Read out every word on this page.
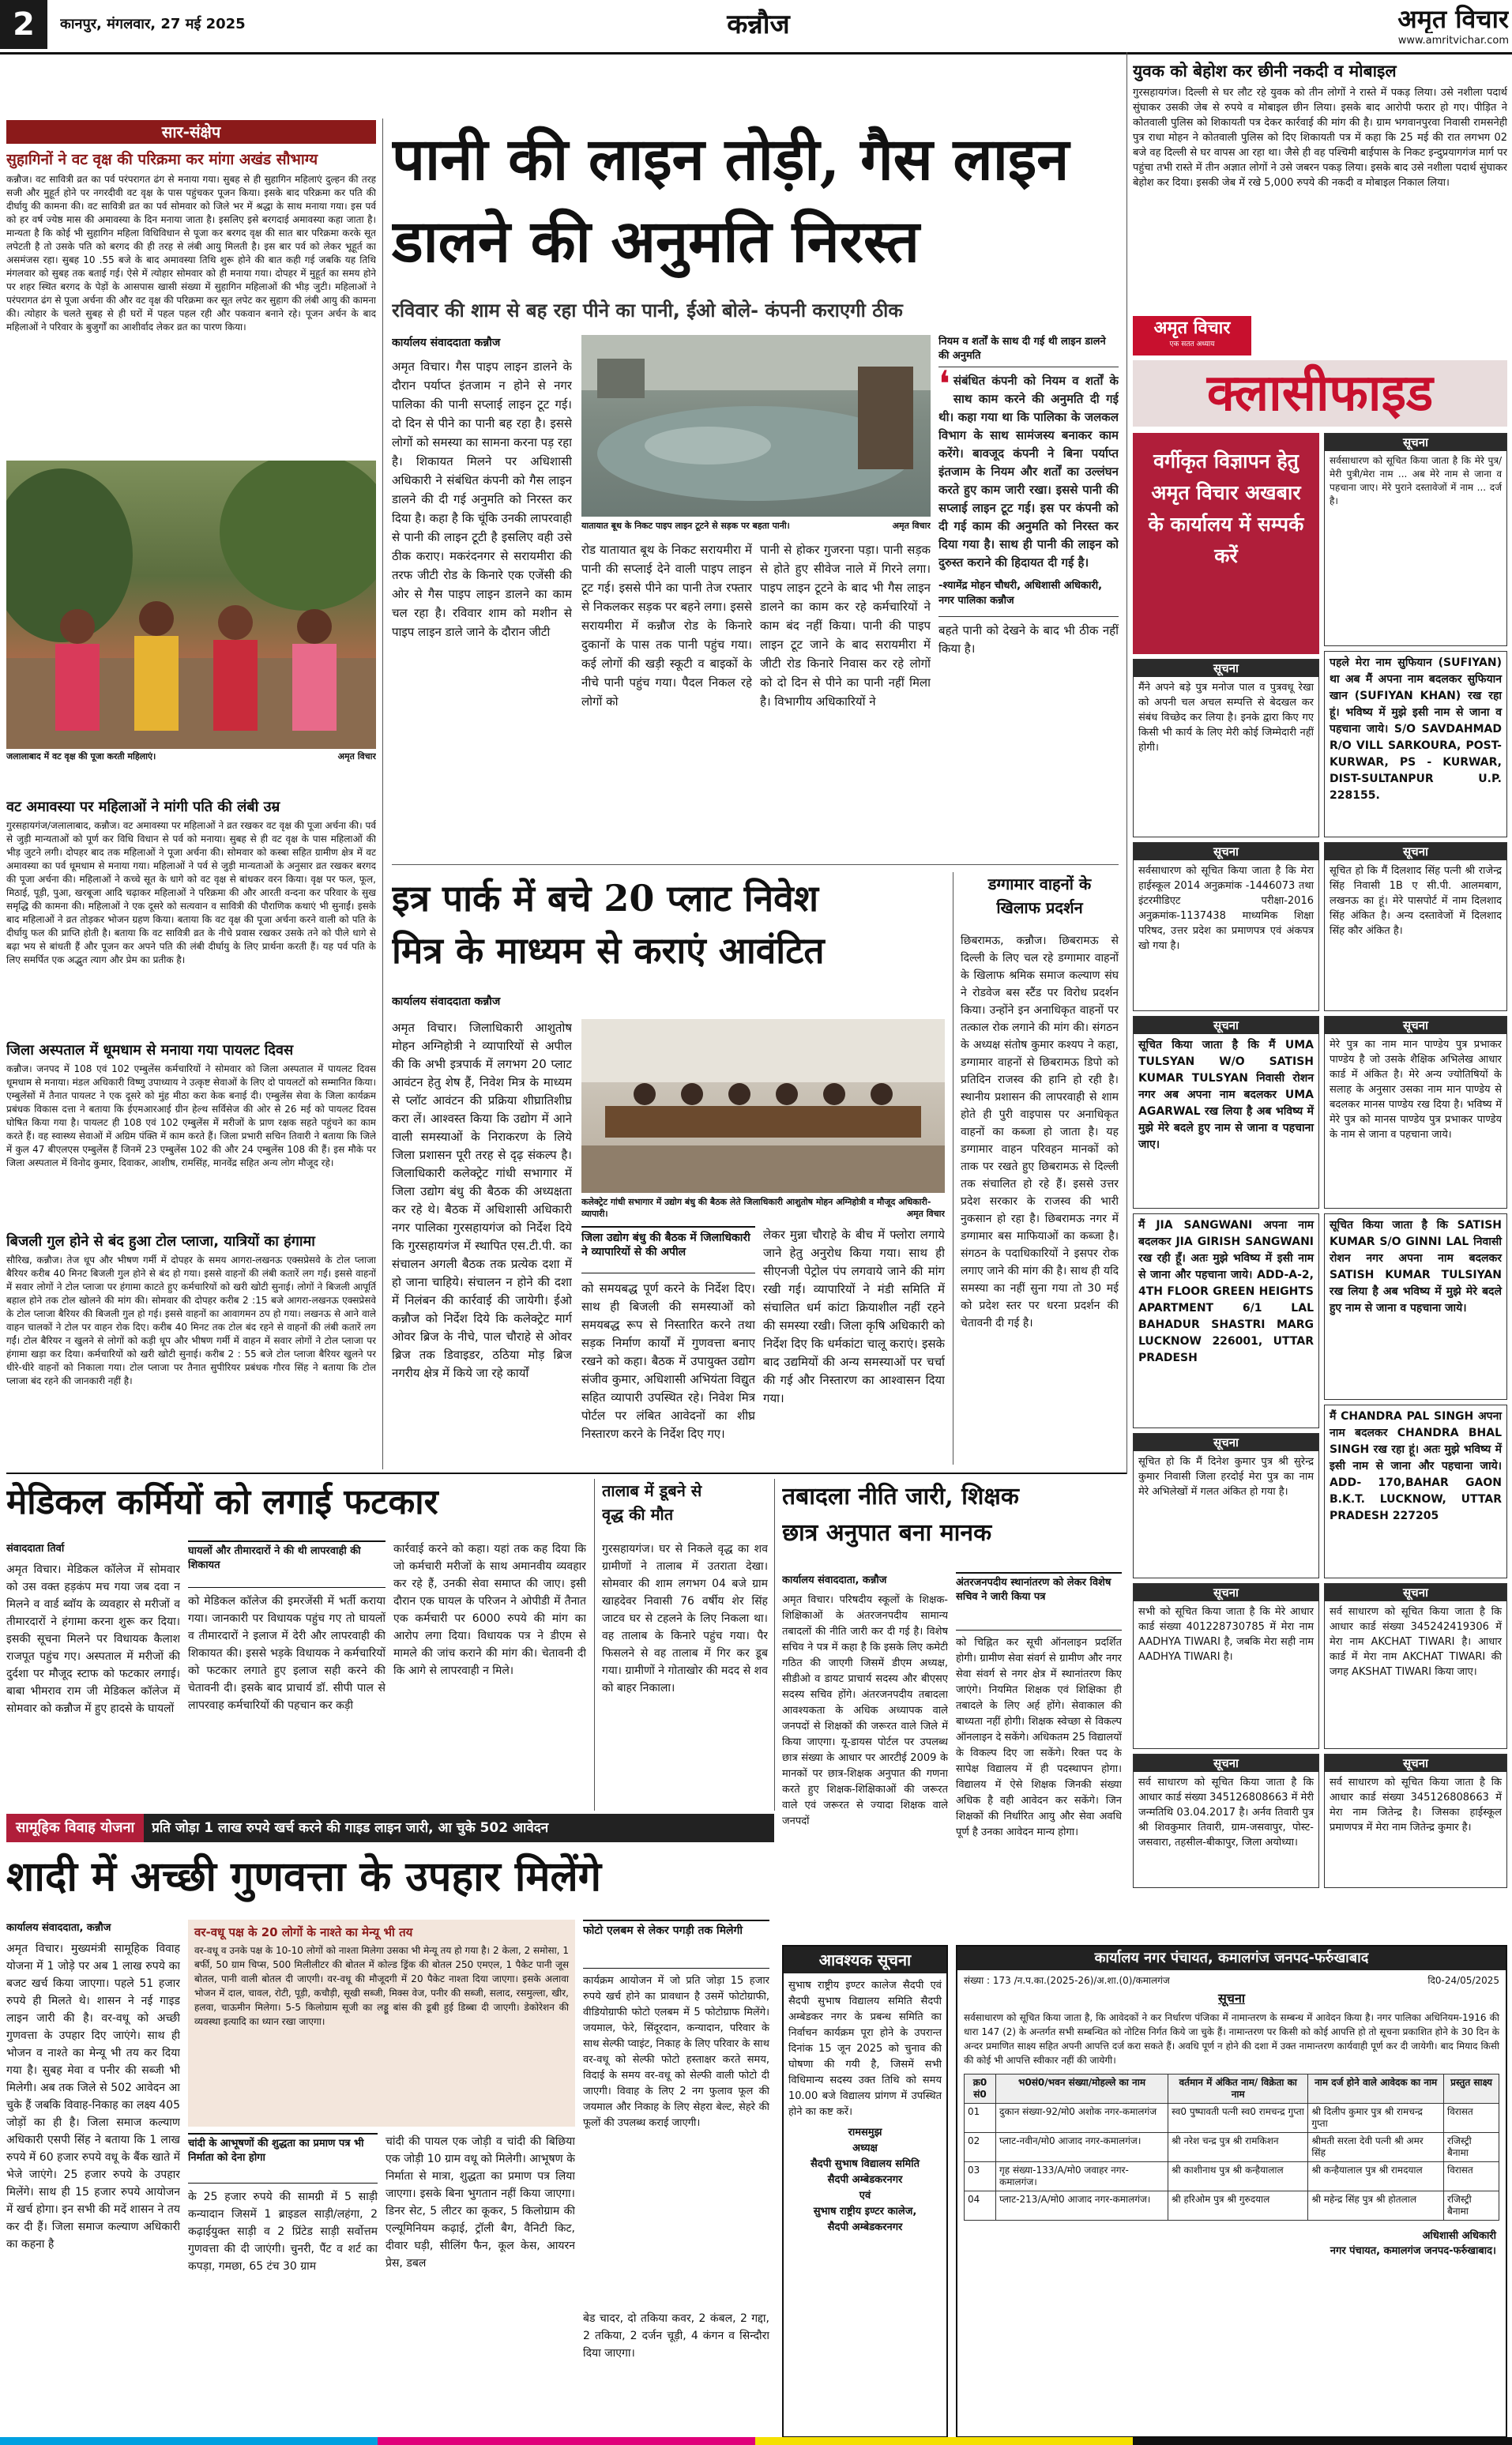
2	कानपुर, मंगलवार, 27 मई 2025	कन्नौज	अमृत विचार
www.amritvichar.com
सार-संक्षेप
सुहागिनों ने वट वृक्ष की परिक्रमा कर मांगा अखंड सौभाग्य
कन्नौज। वट सावित्री व्रत का पर्व परंपरागत ढंग से मनाया गया। सुबह से ही सुहागिन महिलाएं दुल्हन की तरह सजी और मुहूर्त होने पर नगरदीवी वट वृक्ष के पास पहुंचकर पूजन किया। इसके बाद परिक्रमा कर पति की दीर्घायु की कामना की। वट सावित्री व्रत का पर्व सोमवार को जिले भर में श्रद्धा के साथ मनाया गया। इस पर्व को हर वर्ष ज्येष्ठ मास की अमावस्या के दिन मनाया जाता है। इसलिए इसे बरगदाई अमावस्या कहा जाता है। मान्यता है कि कोई भी सुहागिन महिला विधिविधान से पूजा कर बरगद वृक्ष की सात बार परिक्रमा करके सूत लपेटती है तो उसके पति को बरगद की ही तरह से लंबी आयु मिलती है। इस बार पर्व को लेकर भूहूर्त का असमंजस रहा। सुबह 10 .55 बजे के बाद अमावस्या तिथि शुरू होने की बात कही गई जबकि यह तिथि मंगलवार को सुबह तक बताई गई। ऐसे में त्योहार सोमवार को ही मनाया गया। दोपहर में मुहूर्त का समय होने पर शहर स्थित बरगद के पेड़ों के आसपास खासी संख्या में सुहागिन महिलाओं की भीड़ जुटी। महिलाओं ने परंपरागत ढंग से पूजा अर्चना की और वट वृक्ष की परिक्रमा कर सूत लपेट कर सुहाग की लंबी आयु की कामना की। त्योहार के चलते सुबह से ही घरों में पहल पहल रही और पकवान बनाने रहे। पूजन अर्चन के बाद महिलाओं ने परिवार के बुजुर्गों का आशीर्वाद लेकर व्रत का पारण किया।
जलालाबाद में वट वृक्ष की पूजा करती महिलाएं।	अमृत विचार
वट अमावस्या पर महिलाओं ने मांगी पति की लंबी उम्र
गुरसहायगंज/जलालाबाद, कन्नौज। वट अमावस्या पर महिलाओं ने व्रत रखकर वट वृक्ष की पूजा अर्चना की। पर्व से जुड़ी मान्यताओं को पूर्ण कर विधि विधान से पर्व को मनाया। सुबह से ही वट वृक्ष के पास महिलाओं की भीड़ जुटने लगी। दोपहर बाद तक महिलाओं ने पूजा अर्चना की। सोमवार को कस्बा सहित ग्रामीण क्षेत्र में वट अमावस्या का पर्व धूमधाम से मनाया गया। महिलाओं ने पर्व से जुड़ी मान्यताओं के अनुसार व्रत रखकर बरगद की पूजा अर्चना की। महिलाओं ने कच्चे सूत के धागे को वट वृक्ष से बांधकर वरन किया। वृक्ष पर फल, फूल, मिठाई, पूड़ी, पुआ, खरबूजा आदि चढ़ाकर महिलाओं ने परिक्रमा की और आरती वन्दना कर परिवार के सुख समृद्धि की कामना की। महिलाओं ने एक दूसरे को सत्यवान व सावित्री की पौराणिक कथाएं भी सुनाईं। इसके बाद महिलाओं ने व्रत तोड़कर भोजन ग्रहण किया। बताया कि वट वृक्ष की पूजा अर्चना करने वाली को पति के दीर्घायु फल की प्राप्ति होती है। बताया कि वट सावित्री व्रत के नीचे प्रवास रखकर उसके तने को पीले धागे से बढ़ा भय से बांधती हैं और पूजन कर अपने पति की लंबी दीर्घायु के लिए प्रार्थना करती हैं। यह पर्व पति के लिए समर्पित एक अद्भुत त्याग और प्रेम का प्रतीक है।
जिला अस्पताल में धूमधाम से मनाया गया पायलट दिवस
कन्नौज। जनपद में 108 एवं 102 एम्बुलेंस कर्मचारियों ने सोमवार को जिला अस्पताल में पायलट दिवस धूमधाम से मनाया। मंडल अधिकारी विष्णु उपाध्याय ने उत्कृष्ट सेवाओं के लिए दो पायलटों को सम्मानित किया। एम्बुलेंसों में तैनात पायलट ने एक दूसरे को मुंह मीठा करा केक बनाई दी। एम्बुलेंस सेवा के जिला कार्यक्रम प्रबंधक विकास दत्ता ने बताया कि ईएमआरआई ग्रीन हेल्थ सर्विसेज की ओर से 26 मई को पायलट दिवस घोषित किया गया है। पायलट ही 108 एवं 102 एम्बुलेंस में मरीजों के प्राण रक्षक सहते पहुंचने का काम करते हैं। वह स्वास्थ्य सेवाओं में अग्रिम पंक्ति में काम करते हैं। जिला प्रभारी सचिन तिवारी ने बताया कि जिले में कुल 47 बीएलएस एम्बुलेंस हैं जिनमें 23 एम्बुलेंस 102 की और 24 एम्बुलेंस 108 की हैं। इस मौके पर जिला अस्पताल में विनोद कुमार, दिवाकर, आशीष, रामसिंह, मानवेंद्र सहित अन्य लोग मौजूद रहे।
बिजली गुल होने से बंद हुआ टोल प्लाजा, यात्रियों का हंगामा
सौरिख, कन्नौज। तेज धूप और भीषण गर्मी में दोपहर के समय आगरा-लखनऊ एक्सप्रेसवे के टोल प्लाजा बैरियर करीब 40 मिनट बिजली गुल होने से बंद हो गया। इससे वाहनों की लंबी कतारें लग गईं। इससे वाहनों में सवार लोगों ने टोल प्लाजा पर हंगामा काटते हुए कर्मचारियों को खरी खोटी सुनाई। लोगों ने बिजली आपूर्ति बहाल होने तक टोल खोलने की मांग की। सोमवार की दोपहर करीब 2 :15 बजे आगरा-लखनऊ एक्सप्रेसवे के टोल प्लाजा बैरियर की बिजली गुल हो गई। इससे वाहनों का आवागमन ठप हो गया। लखनऊ से आने वाले वाहन चालकों ने टोल पर वाहन रोक दिए। करीब 40 मिनट तक टोल बंद रहने से वाहनों की लंबी कतारें लग गईं। टोल बैरियर न खुलने से लोगों को कड़ी धूप और भीषण गर्मी में वाहन में सवार लोगों ने टोल प्लाजा पर हंगामा खड़ा कर दिया। कर्मचारियों को खरी खोटी सुनाई। करीब 2 : 55 बजे टोल प्लाजा बैरियर खुलने पर धीरे-धीरे वाहनों को निकाला गया। टोल प्लाजा पर तैनात सुपीरियर प्रबंधक गौरव सिंह ने बताया कि टोल प्लाजा बंद रहने की जानकारी नहीं है।
पानी की लाइन तोड़ी, गैस लाइन
डालने की अनुमति निरस्त
रविवार की शाम से बह रहा पीने का पानी, ईओ बोले- कंपनी कराएगी ठीक
कार्यालय संवाददाता कन्नौज
अमृत विचार। गैस पाइप लाइन डालने के दौरान पर्याप्त इंतजाम न होने से नगर पालिका की पानी सप्लाई लाइन टूट गई। दो दिन से पीने का पानी बह रहा है। इससे लोगों को समस्या का सामना करना पड़ रहा है। शिकायत मिलने पर अधिशासी अधिकारी ने संबंधित कंपनी को गैस लाइन डालने की दी गई अनुमति को निरस्त कर दिया है। कहा है कि चूंकि उनकी लापरवाही से पानी की लाइन टूटी है इसलिए वही उसे ठीक कराए। मकरंदनगर से सरायमीरा की तरफ जीटी रोड के किनारे एक एजेंसी की ओर से गैस पाइप लाइन डालने का काम चल रहा है। रविवार शाम को मशीन से पाइप लाइन डाले जाने के दौरान जीटी
यातायात बूथ के निकट पाइप लाइन टूटने से सड़क पर बहता पानी।	अमृत विचार
रोड यातायात बूथ के निकट सरायमीरा में पानी की सप्लाई देने वाली पाइप लाइन टूट गई। इससे पीने का पानी तेज रफ्तार से निकलकर सड़क पर बहने लगा। इससे सरायमीरा में कन्नौज रोड के किनारे दुकानों के पास तक पानी पहुंच गया। कई लोगों की खड़ी स्कूटी व बाइकों के नीचे पानी पहुंच गया। पैदल निकल रहे लोगों को
पानी से होकर गुजरना पड़ा। पानी सड़क से होते हुए सीवेज नाले में गिरने लगा। पाइप लाइन टूटने के बाद भी गैस लाइन डालने का काम कर रहे कर्मचारियों ने काम बंद नहीं किया। पानी की पाइप लाइन टूट जाने के बाद सरायमीरा में जीटी रोड किनारे निवास कर रहे लोगों को दो दिन से पीने का पानी नहीं मिला है। विभागीय अधिकारियों ने
नियम व शर्तों के साथ दी गई थी लाइन डालने की अनुमति
❛ संबंधित कंपनी को नियम व शर्तों के साथ काम करने की अनुमति दी गई थी। कहा गया था कि पालिका के जलकल विभाग के साथ सामंजस्य बनाकर काम करेंगे। बावजूद कंपनी ने बिना पर्याप्त इंतजाम के नियम और शर्तों का उल्लंघन करते हुए काम जारी रखा। इससे पानी की सप्लाई लाइन टूट गई। इस पर कंपनी को दी गई काम की अनुमति को निरस्त कर दिया गया है। साथ ही पानी की लाइन को दुरुस्त कराने की हिदायत दी गई है।
-श्यामेंद्र मोहन चौधरी, अधिशासी अधिकारी, नगर पालिका कन्नौज
बहते पानी को देखने के बाद भी ठीक नहीं किया है।
इत्र पार्क में बचे 20 प्लाट निवेश
मित्र के माध्यम से कराएं आवंटित
कार्यालय संवाददाता कन्नौज
अमृत विचार। जिलाधिकारी आशुतोष मोहन अग्निहोत्री ने व्यापारियों से अपील की कि अभी इत्रपार्क में लगभग 20 प्लाट आवंटन हेतु शेष हैं, निवेश मित्र के माध्यम से प्लॉट आवंटन की प्रक्रिया शीघ्रातिशीघ्र करा लें। आश्वस्त किया कि उद्योग में आने वाली समस्याओं के निराकरण के लिये जिला प्रशासन पूरी तरह से दृढ़ संकल्प है। जिलाधिकारी कलेक्ट्रेट गांधी सभागार में जिला उद्योग बंधु की बैठक की अध्यक्षता कर रहे थे। बैठक में अधिशासी अधिकारी नगर पालिका गुरसहायगंज को निर्देश दिये कि गुरसहायगंज में स्थापित एस.टी.पी. का संचालन अगली बैठक तक प्रत्येक दशा में हो जाना चाहिये। संचालन न होने की दशा में निलंबन की कार्रवाई की जायेगी। ईओ कन्नौज को निर्देश दिये कि कलेक्ट्रेट मार्ग ओवर ब्रिज के नीचे, पाल चौराहे से ओवर ब्रिज तक डिवाइडर, ठठिया मोड़ ब्रिज नगरीय क्षेत्र में किये जा रहे कार्यों
कलेक्ट्रेट गांधी सभागार में उद्योग बंधु की बैठक लेते जिलाधिकारी आशुतोष मोहन अग्निहोत्री व मौजूद अधिकारी-व्यापारी।	अमृत विचार
जिला उद्योग बंधु की बैठक में जिलाधिकारी ने व्यापारियों से की अपील
को समयबद्ध पूर्ण करने के निर्देश दिए। साथ ही बिजली की समस्याओं को समयबद्ध रूप से निस्तारित करने तथा सड़क निर्माण कार्यों में गुणवत्ता बनाए रखने को कहा। बैठक में उपायुक्त उद्योग संजीव कुमार, अधिशासी अभियंता विद्युत सहित व्यापारी उपस्थित रहे। निवेश मित्र पोर्टल पर लंबित आवेदनों का शीघ्र निस्तारण करने के निर्देश दिए गए।
लेकर मुन्ना चौराहे के बीच में फ्लोरा लगाये जाने हेतु अनुरोध किया गया। साथ ही सीएनजी पेट्रोल पंप लगवाये जाने की मांग रखी गई। व्यापारियों ने मंडी समिति में संचालित धर्म कांटा क्रियाशील नहीं रहने की समस्या रखी। जिला कृषि अधिकारी को निर्देश दिए कि धर्मकांटा चालू कराएं। इसके बाद उद्यमियों की अन्य समस्याओं पर चर्चा की गई और निस्तारण का आश्वासन दिया गया।
डग्गामार वाहनों के
खिलाफ प्रदर्शन
छिबरामऊ, कन्नौज। छिबरामऊ से दिल्ली के लिए चल रहे डग्गामार वाहनों के खिलाफ श्रमिक समाज कल्याण संघ ने रोडवेज बस स्टैंड पर विरोध प्रदर्शन किया। उन्होंने इन अनाधिकृत वाहनों पर तत्काल रोक लगाने की मांग की। संगठन के अध्यक्ष संतोष कुमार कश्यप ने कहा, डग्गामार वाहनों से छिबरामऊ डिपो को प्रतिदिन राजस्व की हानि हो रही है। स्थानीय प्रशासन की लापरवाही से शाम होते ही पुरी वाइपास पर अनाधिकृत वाहनों का कब्जा हो जाता है। यह डग्गामार वाहन परिवहन मानकों को ताक पर रखते हुए छिबरामऊ से दिल्ली तक संचालित हो रहे हैं। इससे उत्तर प्रदेश सरकार के राजस्व की भारी नुकसान हो रहा है। छिबरामऊ नगर में डग्गामार बस माफियाओं का कब्जा है। संगठन के पदाधिकारियों ने इसपर रोक लगाए जाने की मांग की है। साथ ही यदि समस्या का नहीं सुना गया तो 30 मई को प्रदेश स्तर पर धरना प्रदर्शन की चेतावनी दी गई है।
युवक को बेहोश कर छीनी नकदी व मोबाइल
गुरसहायगंज। दिल्ली से घर लौट रहे युवक को तीन लोगों ने रास्ते में पकड़ लिया। उसे नशीला पदार्थ सुंघाकर उसकी जेब से रुपये व मोबाइल छीन लिया। इसके बाद आरोपी फरार हो गए। पीड़ित ने कोतवाली पुलिस को शिकायती पत्र देकर कार्रवाई की मांग की है। ग्राम भगवानपुरवा निवासी रामसनेही पुत्र राधा मोहन ने कोतवाली पुलिस को दिए शिकायती पत्र में कहा कि 25 मई की रात लगभग 02 बजे वह दिल्ली से घर वापस आ रहा था। जैसे ही वह पश्चिमी बाईपास के निकट इन्दुप्रयागगंज मार्ग पर पहुंचा तभी रास्ते में तीन अज्ञात लोगों ने उसे जबरन पकड़ लिया। इसके बाद उसे नशीला पदार्थ सुंघाकर बेहोश कर दिया। इसकी जेब में रखे 5,000 रुपये की नकदी व मोबाइल निकाल लिया।
अमृत विचार
एक सतत अध्याय
क्लासीफाइड
वर्गीकृत विज्ञापन हेतु अमृत विचार अखबार के कार्यालय में सम्पर्क करें
सूचना
सर्वसाधारण को सूचित किया जाता है कि मेरे पुत्र/मेरी पुत्री/मेरा नाम ... अब मेरे नाम से जाना व पहचाना जाए। मेरे पुराने दस्तावेजों में नाम ... दर्ज है।
पहले मेरा नाम सुफियान (SUFIYAN) था अब मैं अपना नाम बदलकर सुफियान खान (SUFIYAN KHAN) रख रहा हूं। भविष्य में मुझे इसी नाम से जाना व पहचाना जाये। S/O SAVDAHMAD R/O VILL SARKOURA, POST-KURWAR, PS - KURWAR, DIST-SULTANPUR U.P. 228155.
सूचना
सूचित हो कि मैं दिलशाद सिंह पत्नी श्री राजेन्द्र सिंह निवासी 1B ए सी.पी. आलमबाग, लखनऊ का हूं। मेरे पासपोर्ट में नाम दिलशाद सिंह अंकित है। अन्य दस्तावेजों में दिलशाद सिंह कौर अंकित है।
सूचना
मेरे पुत्र का नाम मान पाण्डेय पुत्र प्रभाकर पाण्डेय है जो उसके शैक्षिक अभिलेख आधार कार्ड में अंकित है। मेरे अन्य ज्योतिषियों के सलाह के अनुसार उसका नाम मान पाण्डेय से बदलकर मानस पाण्डेय रख दिया है। भविष्य में मेरे पुत्र को मानस पाण्डेय पुत्र प्रभाकर पाण्डेय के नाम से जाना व पहचाना जाये।
सूचित किया जाता है कि SATISH KUMAR S/O GINNI LAL निवासी रोशन नगर अपना नाम बदलकर SATISH KUMAR TULSIYAN रख लिया है अब भविष्य में मुझे मेरे बदले हुए नाम से जाना व पहचाना जाये।
मैं CHANDRA PAL SINGH अपना नाम बदलकर CHANDRA BHAL SINGH रख रहा हूं। अतः मुझे भविष्य में इसी नाम से जाना और पहचाना जाये। ADD- 170,BAHAR GAON B.K.T. LUCKNOW, UTTAR PRADESH 227205
सूचना
सर्व साधारण को सूचित किया जाता है कि आधार कार्ड संख्या 345242419306 में मेरा नाम AKCHAT TIWARI है। आधार कार्ड में मेरा नाम AKCHAT TIWARI की जगह AKSHAT TIWARI किया जाए।
सूचना
सर्व साधारण को सूचित किया जाता है कि आधार कार्ड संख्या 345126808663 में मेरा नाम जितेन्द्र है। जिसका हाईस्कूल प्रमाणपत्र में मेरा नाम जितेन्द्र कुमार है।
सूचना
मैंने अपने बड़े पुत्र मनोज पाल व पुत्रवधू रेखा को अपनी चल अचल सम्पत्ति से बेदखल कर संबंध विच्छेद कर लिया है। इनके द्वारा किए गए किसी भी कार्य के लिए मेरी कोई जिम्मेदारी नहीं होगी।
सूचना
सर्वसाधारण को सूचित किया जाता है कि मेरा हाईस्कूल 2014 अनुक्रमांक -1446073 तथा इंटरमीडिएट परीक्षा-2016 अनुक्रमांक-1137438 माध्यमिक शिक्षा परिषद, उत्तर प्रदेश का प्रमाणपत्र एवं अंकपत्र खो गया है।
सूचना
सूचित किया जाता है कि मैं UMA TULSYAN W/O SATISH KUMAR TULSYAN निवासी रोशन नगर अब अपना नाम बदलकर UMA AGARWAL रख लिया है अब भविष्य में मुझे मेरे बदले हुए नाम से जाना व पहचाना जाए।
मैं JIA SANGWANI अपना नाम बदलकर JIA GIRISH SANGWANI रख रही हूँ। अतः मुझे भविष्य में इसी नाम से जाना और पहचाना जाये। ADD-A-2, 4TH FLOOR GREEN HEIGHTS APARTMENT 6/1 LAL BAHADUR SHASTRI MARG LUCKNOW 226001, UTTAR PRADESH
सूचना
सूचित हो कि मैं दिनेश कुमार पुत्र श्री सुरेन्द्र कुमार निवासी जिला हरदोई मेरा पुत्र का नाम मेरे अभिलेखों में गलत अंकित हो गया है।
सूचना
सभी को सूचित किया जाता है कि मेरे आधार कार्ड संख्या 401228730785 में मेरा नाम AADHYA TIWARI है, जबकि मेरा सही नाम AADHYA TIWARI है।
सूचना
सर्व साधारण को सूचित किया जाता है कि आधार कार्ड संख्या 345126808663 में मेरी जन्मतिथि 03.04.2017 है। अर्नव तिवारी पुत्र श्री शिवकुमार तिवारी, ग्राम-जसवापुर, पोस्ट-जसवारा, तहसील-बीकापुर, जिला अयोध्या।
मेडिकल कर्मियों को लगाई फटकार
संवाददाता तिर्वा
अमृत विचार। मेडिकल कॉलेज में सोमवार को उस वक्त हड़कंप मच गया जब दवा न मिलने व वार्ड ब्वॉय के व्यवहार से मरीजों व तीमारदारों ने हंगामा करना शुरू कर दिया। इसकी सूचना मिलने पर विधायक कैलाश राजपूत पहुंच गए। अस्पताल में मरीजों की दुर्दशा पर मौजूद स्टाफ को फटकार लगाई। बाबा भीमराव राम जी मेडिकल कॉलेज में सोमवार को कन्नौज में हुए हादसे के घायलों
घायलों और तीमारदारों ने की थी लापरवाही की शिकायत
को मेडिकल कॉलेज की इमरजेंसी में भर्ती कराया गया। जानकारी पर विधायक पहुंच गए तो घायलों व तीमारदारों ने इलाज में देरी और लापरवाही की शिकायत की। इससे भड़के विधायक ने कर्मचारियों को फटकार लगाते हुए इलाज सही करने की चेतावनी दी। इसके बाद प्राचार्य डॉ. सीपी पाल से लापरवाह कर्मचारियों की पहचान कर कड़ी
कार्रवाई करने को कहा। यहां तक कह दिया कि जो कर्मचारी मरीजों के साथ अमानवीय व्यवहार कर रहे हैं, उनकी सेवा समाप्त की जाए। इसी दौरान एक घायल के परिजन ने ओपीडी में तैनात एक कर्मचारी पर 6000 रुपये की मांग का आरोप लगा दिया। विधायक पत्र ने डीएम से मामले की जांच कराने की मांग की। चेतावनी दी कि आगे से लापरवाही न मिले।
तालाब में डूबने से
वृद्ध की मौत
गुरसहायगंज। घर से निकले वृद्ध का शव ग्रामीणों ने तालाब में उतराता देखा। सोमवार की शाम लगभग 04 बजे ग्राम खाहदेवर निवासी 76 वर्षीय शेर सिंह जाटव घर से टहलने के लिए निकला था। वह तालाब के किनारे पहुंच गया। पैर फिसलने से वह तालाब में गिर कर डूब गया। ग्रामीणों ने गोताखोर की मदद से शव को बाहर निकाला।
तबादला नीति जारी, शिक्षक
छात्र अनुपात बना मानक
कार्यालय संवाददाता, कन्नौज
अमृत विचार। परिषदीय स्कूलों के शिक्षक-शिक्षिकाओं के अंतरजनपदीय सामान्य तबादलों की नीति जारी कर दी गई है। विशेष सचिव ने पत्र में कहा है कि इसके लिए कमेटी गठित की जाएगी जिसमें डीएम अध्यक्ष, सीडीओ व डायट प्राचार्य सदस्य और बीएसए सदस्य सचिव होंगे। अंतरजनपदीय तबादला आवश्यकता के अधिक अध्यापक वाले जनपदों से शिक्षकों की जरूरत वाले जिले में किया जाएगा। यू-डायस पोर्टल पर उपलब्ध छात्र संख्या के आधार पर आरटीई 2009 के मानकों पर छात्र-शिक्षक अनुपात की गणना करते हुए शिक्षक-शिक्षिकाओं की जरूरत वाले एवं जरूरत से ज्यादा शिक्षक वाले जनपदों
अंतरजनपदीय स्थानांतरण को लेकर विशेष सचिव ने जारी किया पत्र
को चिह्नित कर सूची ऑनलाइन प्रदर्शित होगी। ग्रामीण सेवा संवर्ग से ग्रामीण और नगर सेवा संवर्ग से नगर क्षेत्र में स्थानांतरण किए जाएंगे। नियमित शिक्षक एवं शिक्षिका ही तबादले के लिए अर्ह होंगे। सेवाकाल की बाध्यता नहीं होगी। शिक्षक स्वेच्छा से विकल्प ऑनलाइन दे सकेंगे। अधिकतम 25 विद्यालयों के विकल्प दिए जा सकेंगे। रिक्त पद के सापेक्ष विद्यालय में ही पदस्थापन होगा। विद्यालय में ऐसे शिक्षक जिनकी संख्या अधिक है वही आवेदन कर सकेंगे। जिन शिक्षकों की निर्धारित आयु और सेवा अवधि पूर्ण है उनका आवेदन मान्य होगा।
सामूहिक विवाह योजना	प्रति जोड़ा 1 लाख रुपये खर्च करने की गाइड लाइन जारी, आ चुके 502 आवेदन
शादी में अच्छी गुणवत्ता के उपहार मिलेंगे
कार्यालय संवाददाता, कन्नौज
अमृत विचार। मुख्यमंत्री सामूहिक विवाह योजना में 1 जोड़े पर अब 1 लाख रुपये का बजट खर्च किया जाएगा। पहले 51 हजार रुपये ही मिलते थे। शासन ने नई गाइड लाइन जारी की है। वर-वधू को अच्छी गुणवत्ता के उपहार दिए जाएंगे। साथ ही भोजन व नाश्ते का मेन्यू भी तय कर दिया गया है। सुबह मेवा व पनीर की सब्जी भी मिलेगी। अब तक जिले से 502 आवेदन आ चुके हैं जबकि विवाह-निकाह का लक्ष्य 405 जोड़ों का ही है। जिला समाज कल्याण अधिकारी एसपी सिंह ने बताया कि 1 लाख रुपये में 60 हजार रुपये वधू के बैंक खाते में भेजे जाएंगे। 25 हजार रुपये के उपहार मिलेंगे। साथ ही 15 हजार रुपये आयोजन में खर्च होगा। इन सभी की मदें शासन ने तय कर दी हैं। जिला समाज कल्याण अधिकारी का कहना है
वर-वधू पक्ष के 20 लोगों के नाश्ते का मेन्यू भी तय
वर-वधू व उनके पक्ष के 10-10 लोगों को नाश्ता मिलेगा उसका भी मेन्यू तय हो गया है। 2 केला, 2 समोसा, 1 बर्फी, 50 ग्राम चिप्स, 500 मिलीलीटर की बोतल में कोल्ड ड्रिंक की बोतल 250 एमएल, 1 पैकेट पानी जूस बोतल, पानी वाली बोतल दी जाएगी। वर-वधू की मौजूदगी में 20 पैकेट नाश्ता दिया जाएगा। इसके अलावा भोजन में दाल, चावल, रोटी, पूड़ी, कचौड़ी, सूखी सब्जी, मिक्स वेज, पनीर की सब्जी, सलाद, रसमुल्ला, खीर, हलवा, चाऊमीन मिलेगा। 5-5 किलोग्राम सूजी का लड्डू बांस की डूबी हुई डिब्बा दी जाएगी। डेकोरेशन की व्यवस्था इत्यादि का ध्यान रखा जाएगा।
चांदी के आभूषणों की शुद्धता का प्रमाण पत्र भी निर्माता को देना होगा
के 25 हजार रुपये की सामग्री में 5 साड़ी कन्यादान जिसमें 1 ब्राइडल साड़ी/लहंगा, 2 कढ़ाईयुक्त साड़ी व 2 प्रिंटेड साड़ी सर्वोत्तम गुणवत्ता की दी जाएंगी। चुनरी, पैंट व शर्ट का कपड़ा, गमछा, 65 टंच 30 ग्राम
चांदी की पायल एक जोड़ी व चांदी की बिछिया एक जोड़ी 10 ग्राम वधू को मिलेगी। आभूषण के निर्माता से मात्रा, शुद्धता का प्रमाण पत्र लिया जाएगा। इसके बिना भुगतान नहीं किया जाएगा। डिनर सेट, 5 लीटर का कूकर, 5 किलोग्राम की एल्यूमिनियम कढ़ाई, ट्रॉली बैग, वैनिटी किट, दीवार घड़ी, सीलिंग फैन, कूल केस, आयरन प्रेस, डबल
फोटो एलबम से लेकर पगड़ी तक मिलेगी
कार्यक्रम आयोजन में जो प्रति जोड़ा 15 हजार रुपये खर्च होने का प्रावधान है उसमें फोटोग्राफी, वीडियोग्राफी फोटो एलबम में 5 फोटोग्राफ मिलेंगे। जयमाल, फेरे, सिंदूरदान, कन्यादान, परिवार के साथ सेल्फी प्वाइंट, निकाह के लिए परिवार के साथ वर-वधू को सेल्फी फोटो हस्ताक्षर करते समय, विदाई के समय वर-वधू को सेल्फी वाली फोटो दी जाएगी। विवाह के लिए 2 नग फुलाव फूल की जयमाल और निकाह के लिए सेहरा बेल्ट, सेहरे की फूलों की उपलब्ध कराई जाएगी।
बेड चादर, दो तकिया कवर, 2 कंबल, 2 गद्दा, 2 तकिया, 2 दर्जन चूड़ी, 4 कंगन व सिन्दौरा दिया जाएगा।
आवश्यक सूचना
सुभाष राष्ट्रीय इण्टर कालेज सैदपी एवं सैदपी सुभाष विद्यालय समिति सैदपी अम्बेडकर नगर के प्रबन्ध समिति का निर्वाचन कार्यक्रम पूरा होने के उपरान्त दिनांक 15 जून 2025 को चुनाव की घोषणा की गयी है, जिसमें सभी विधिमान्य सदस्य उक्त तिथि को समय 10.00 बजे विद्यालय प्रांगण में उपस्थित होने का कष्ट करें।
रामसमुझ
अध्यक्ष
सैदपी सुभाष विद्यालय समिति
सैदपी अम्बेडकरनगर
एवं
सुभाष राष्ट्रीय इण्टर कालेज,
सैदपी अम्बेडकरनगर
कार्यालय नगर पंचायत, कमालगंज जनपद-फर्रुखाबाद
संख्या : 173 /न.प.का.(2025-26)/अ.शा.(0)/कमालगंज	दि0-24/05/2025
सूचना
सर्वसाधारण को सूचित किया जाता है, कि आवेदकों ने कर निर्धारण पंजिका में नामान्तरण के सम्बन्ध में आवेदन किया है। नगर पालिका अधिनियम-1916 की धारा 147 (2) के अन्तर्गत सभी सम्बन्धित को नोटिस निर्गत किये जा चुके हैं। नामान्तरण पर किसी को कोई आपत्ति हो तो सूचना प्रकाशित होने के 30 दिन के अन्दर प्रमाणित साक्ष्य सहित अपनी आपत्ति दर्ज करा सकते हैं। अवधि पूर्ण न होने की दशा में उक्त नामान्तरण कार्यवाही पूर्ण कर दी जायेगी। बाद मियाद किसी की कोई भी आपत्ति स्वीकार नहीं की जायेगी।
क्र0 सं0	भ0सं0/भवन संख्या/मोहल्ले का नाम	वर्तमान में अंकित नाम/ विक्रेता का नाम	नाम दर्ज होने वाले आवेदक का नाम	प्रस्तुत साक्ष्य
01	दुकान संख्या-92/मो0 अशोक नगर-कमालगंज	स्व0 पुष्पावती पत्नी स्व0 रामचन्द्र गुप्ता	श्री दिलीप कुमार पुत्र श्री रामचन्द्र गुप्ता	विरासत
02	प्लाट-नवीन/मो0 आजाद नगर-कमालगंज।	श्री नरेश चन्द्र पुत्र श्री रामकिशन	श्रीमती सरला देवी पत्नी श्री अमर सिंह	रजिस्ट्री बैनामा
03	गृह संख्या-133/A/मो0 जवाहर नगर-कमालगंज।	श्री काशीनाथ पुत्र श्री कन्हैयालाल	श्री कन्हैयालाल पुत्र श्री रामदयाल	विरासत
04	प्लाट-213/A/मो0 आजाद नगर-कमालगंज।	श्री हरिओम पुत्र श्री गुरुदयाल	श्री महेन्द्र सिंह पुत्र श्री होतलाल	रजिस्ट्री बैनामा
अधिशासी अधिकारी
नगर पंचायत, कमालगंज जनपद-फर्रुखाबाद।
